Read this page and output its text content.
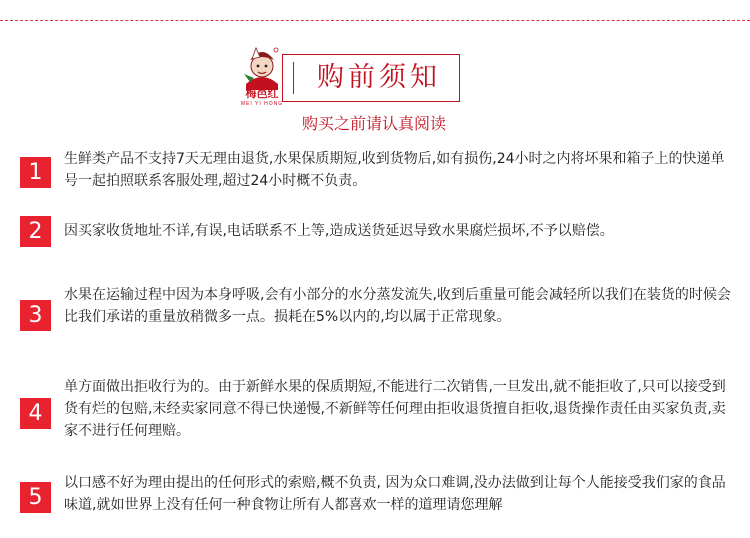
梅邑红
MEI YI HONG
购前须知
购买之前请认真阅读
1
生鲜类产品不支持7天无理由退货,水果保质期短,收到货物后,如有损伤,24小时之内将坏果和箱子上的快递单号一起拍照联系客服处理,超过24小时概不负责。
2	因买家收货地址不详,有误,电话联系不上等,造成送货延迟导致水果腐烂损坏,不予以赔偿。
3
水果在运输过程中因为本身呼吸,会有小部分的水分蒸发流失,收到后重量可能会减轻所以我们在装货的时候会比我们承诺的重量放稍微多一点。损耗在5%以内的,均以属于正常现象。
4
单方面做出拒收行为的。由于新鲜水果的保质期短,不能进行二次销售,一旦发出,就不能拒收了,只可以接受到货有烂的包赔,未经卖家同意不得已快递慢,不新鲜等任何理由拒收退货擅自拒收,退货操作责任由买家负责,卖家不进行任何理赔。
5
以口感不好为理由提出的任何形式的索赔,概不负责, 因为众口难调,没办法做到让每个人能接受我们家的食品味道,就如世界上没有任何一种食物让所有人都喜欢一样的道理请您理解
